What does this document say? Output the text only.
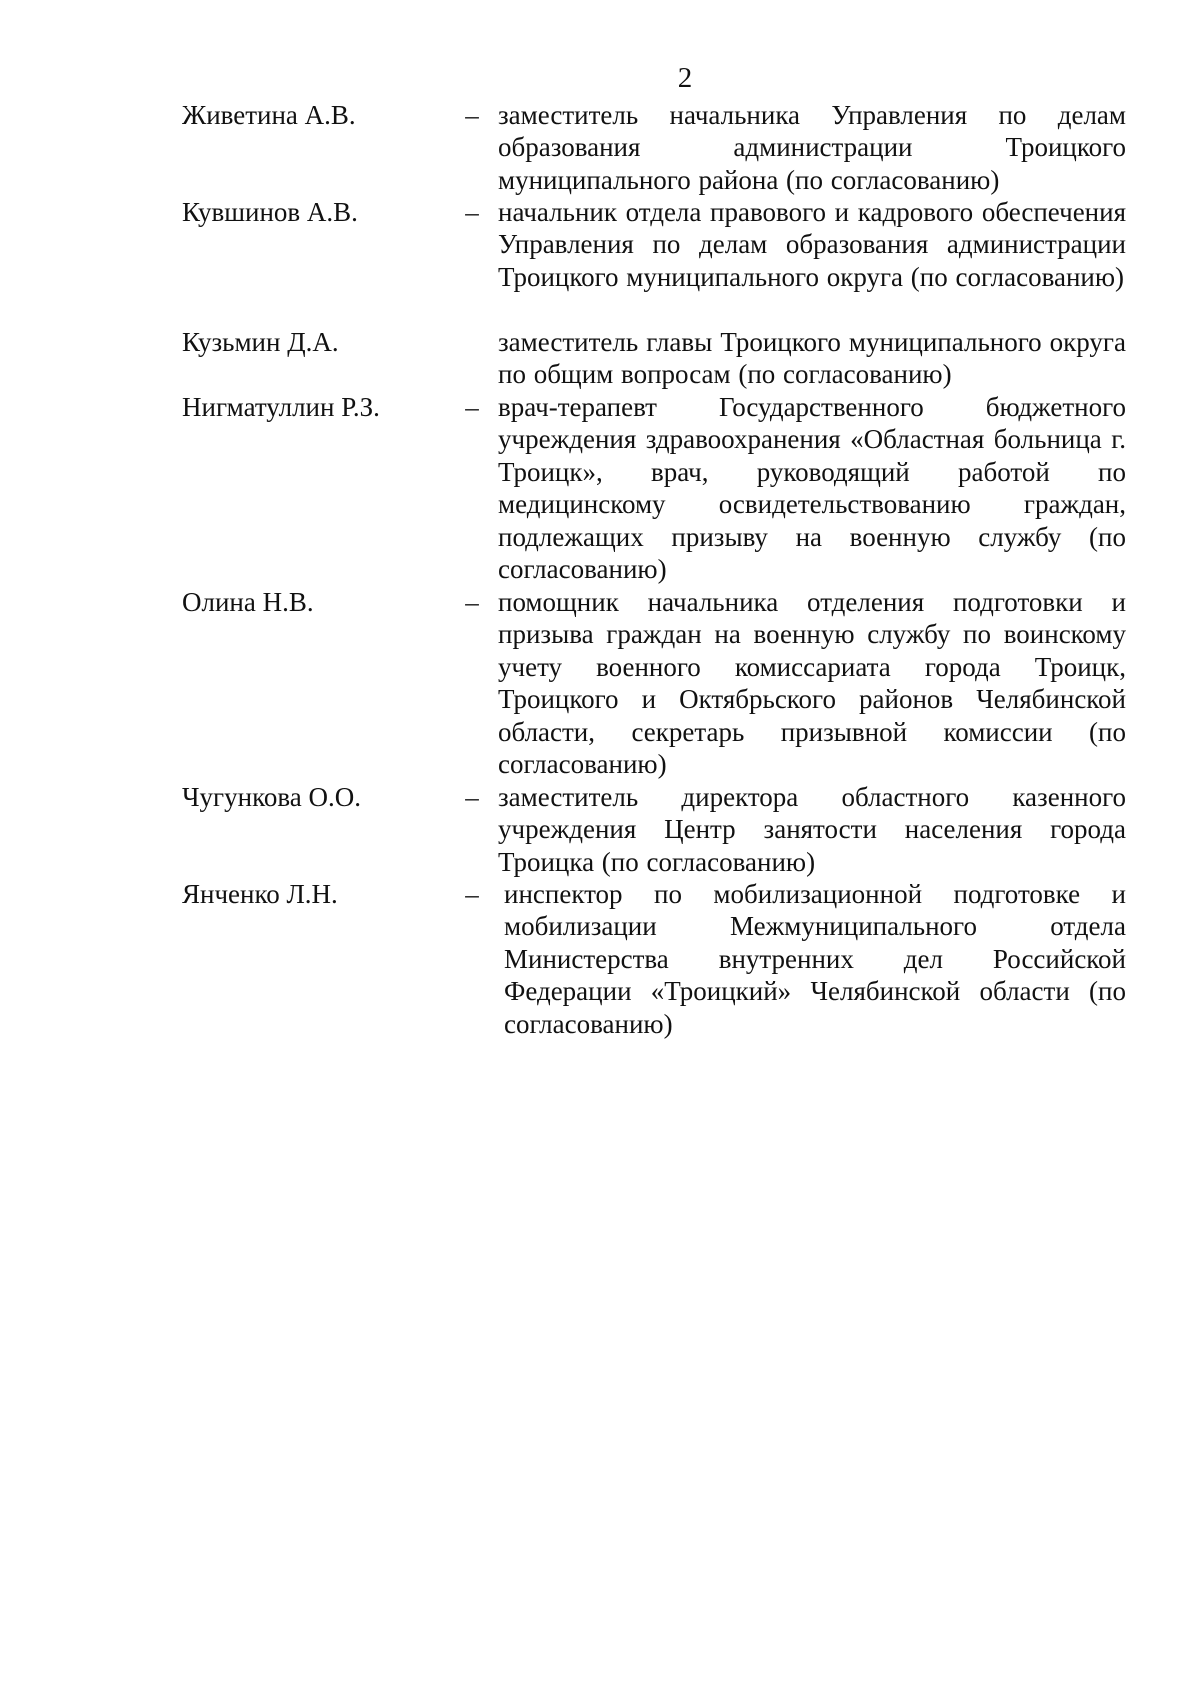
2
Живетина А.В.	– заместитель начальника Управления по делам образования администрации Троицкого муниципального района (по согласованию)
Кувшинов А.В.	– начальник отдела правового и кадрового обеспечения Управления по делам образования администрации Троицкого муниципального округа (по согласованию)
Кузьмин Д.А.	заместитель главы Троицкого муниципального округа по общим вопросам (по согласованию)
Нигматуллин Р.З.	– врач-терапевт Государственного бюджетного учреждения здравоохранения «Областная больница г. Троицк», врач, руководящий работой по медицинскому освидетельствованию граждан, подлежащих призыву на военную службу (по согласованию)
Олина Н.В.	– помощник начальника отделения подготовки и призыва граждан на военную службу по воинскому учету военного комиссариата города Троицк, Троицкого и Октябрьского районов Челябинской области, секретарь призывной комиссии (по согласованию)
Чугункова О.О.	– заместитель директора областного казенного учреждения Центр занятости населения города Троицка (по согласованию)
Янченко Л.Н.	– инспектор по мобилизационной подготовке и мобилизации Межмуниципального отдела Министерства внутренних дел Российской Федерации «Троицкий» Челябинской области (по согласованию)
